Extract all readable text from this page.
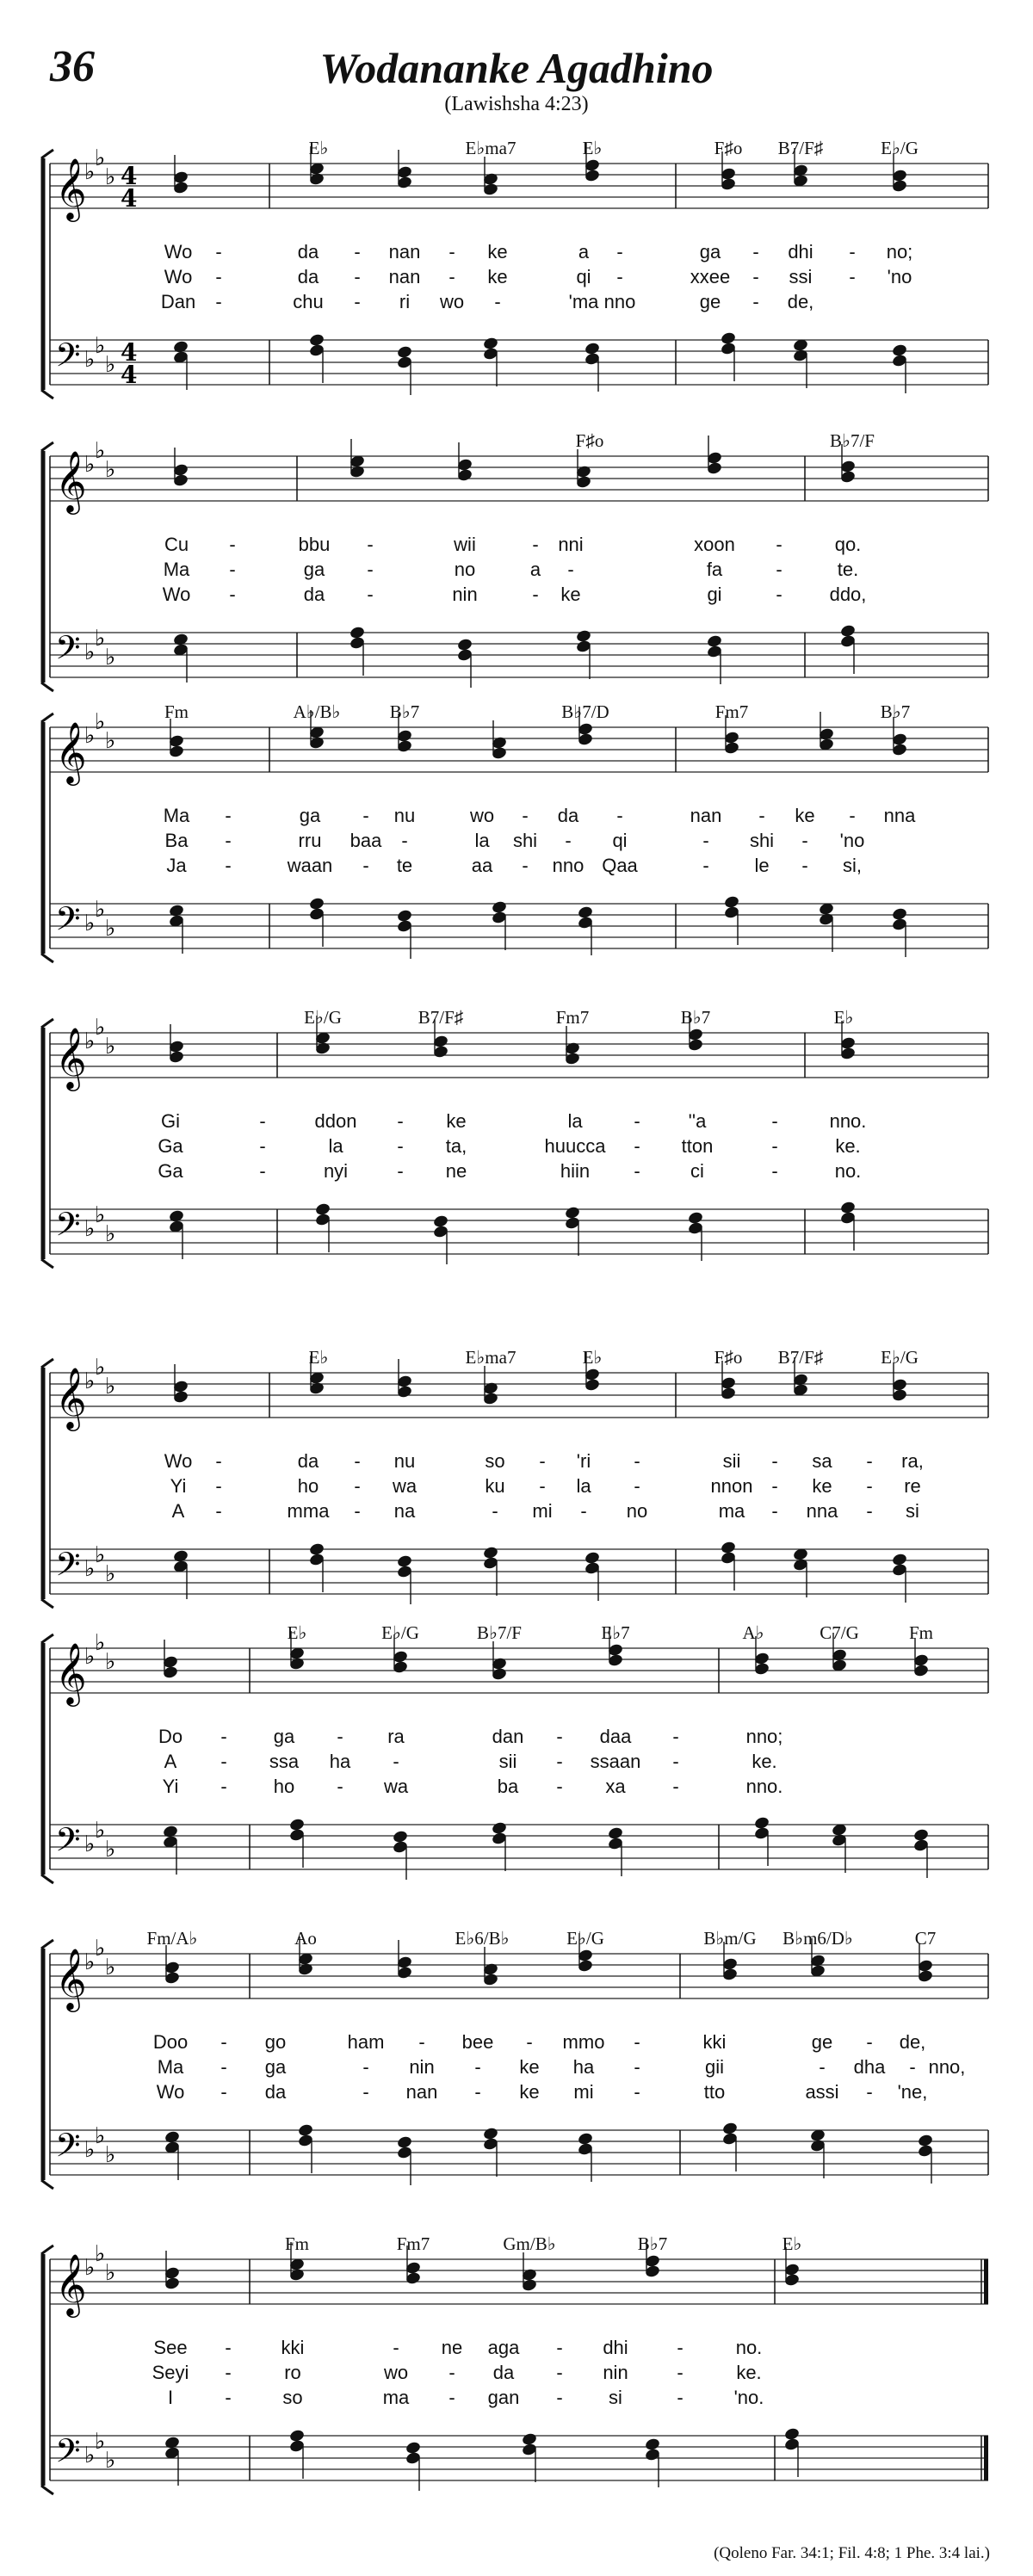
36	Wodananke Agadhino
(Lawishsha 4:23)
𝄞
𝄢
♭
♭
♭
♭
♭
♭
4
4
4
4
E♭	E♭ma7	E♭	F♯o B7/F♯	E♭/G
Wo -	da - nan - ke	a -	ga - dhi - no;
Wo -	da - nan - ke	qi -	xxee - ssi - 'no
Dan -	chu - ri wo -	'ma nno	ge - de,
𝄞
𝄢
♭
♭
♭
♭
♭
♭
F♯o	B♭7/F
Cu -	bbu -	wii	- nni	xoon -	qo.
Ma -	ga -	no	a -	fa	-	te.
Wo -	da -	nin	- ke	gi	- ddo,
𝄞
𝄢
♭
♭
♭
♭
♭
♭
Fm	A♭/B♭	B♭7	B♭7/D	Fm7	B♭7
Ma -	ga - nu	wo - da -	nan - ke - nna
Ba -	rru baa -	la shi - qi	- shi - 'no
Ja -	waan - te	aa - nno Qaa	- le - si,
𝄞
𝄢
♭
♭
♭
♭
♭
♭
E♭/G	B7/F♯	Fm7	B♭7	E♭
Gi	-	ddon - ke	la	-	''a	-	nno.
Ga	-	la	- ta,	huucca - tton	-	ke.
Ga	-	nyi	- ne	hiin -	ci	-	no.
𝄞
𝄢
♭
♭
♭
♭
♭
♭
E♭	E♭ma7	E♭	F♯o B7/F♯	E♭/G
Wo -	da - nu	so - 'ri -	sii - sa - ra,
Yi -	ho - wa	ku - la -	nnon - ke - re
A -	mma - na	- mi - no	ma - nna - si
𝄞
𝄢
♭
♭
♭
♭
♭
♭
E♭	E♭/G	B♭7/F	E♭7	A♭	C7/G	Fm
Do - ga - ra	dan - daa -	nno;
A - ssa ha -	sii - ssaan -	ke.
Yi - ho - wa	ba - xa -	nno.
𝄞
𝄢
♭
♭
♭
♭
♭
♭
Fm/A♭	Ao	E♭6/B♭	E♭/G	B♭m/G B♭m6/D♭	C7
Doo - go	ham - bee - mmo -	kki	ge - de,
Ma - ga	- nin - ke ha -	gii	- dha - nno,
Wo - da	- nan - ke mi -	tto	assi - 'ne,
𝄞
𝄢
♭
♭
♭
♭
♭
♭
Fm	Fm7	Gm/B♭	B♭7	E♭
See -	kki	- ne aga - dhi	-	no.
Seyi -	ro	wo - da - nin	-	ke.
I	-	so	ma - gan - si	-	'no.
(Qoleno Far. 34:1; Fil. 4:8; 1 Phe. 3:4 lai.)
